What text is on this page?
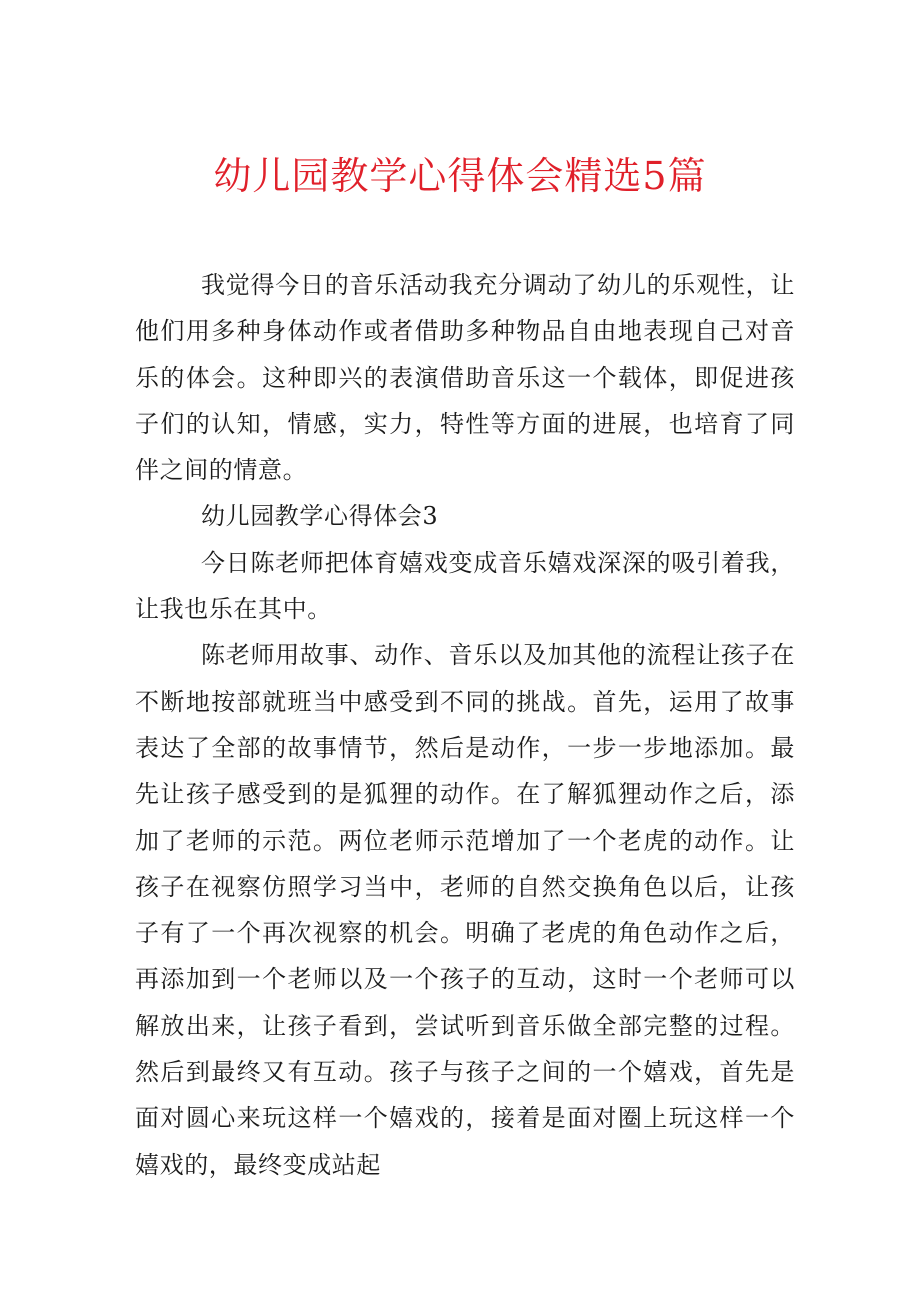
幼儿园教学心得体会精选5篇

我觉得今日的音乐活动我充分调动了幼儿的乐观性，让他们用多种身体动作或者借助多种物品自由地表现自己对音乐的体会。这种即兴的表演借助音乐这一个载体，即促进孩子们的认知，情感，实力，特性等方面的进展，也培育了同伴之间的情意。

幼儿园教学心得体会3

今日陈老师把体育嬉戏变成音乐嬉戏深深的吸引着我，让我也乐在其中。

陈老师用故事、动作、音乐以及加其他的流程让孩子在不断地按部就班当中感受到不同的挑战。首先，运用了故事表达了全部的故事情节，然后是动作，一步一步地添加。最先让孩子感受到的是狐狸的动作。在了解狐狸动作之后，添加了老师的示范。两位老师示范增加了一个老虎的动作。让孩子在视察仿照学习当中，老师的自然交换角色以后，让孩子有了一个再次视察的机会。明确了老虎的角色动作之后，再添加到一个老师以及一个孩子的互动，这时一个老师可以解放出来，让孩子看到，尝试听到音乐做全部完整的过程。然后到最终又有互动。孩子与孩子之间的一个嬉戏，首先是面对圆心来玩这样一个嬉戏的，接着是面对圈上玩这样一个嬉戏的，最终变成站起
